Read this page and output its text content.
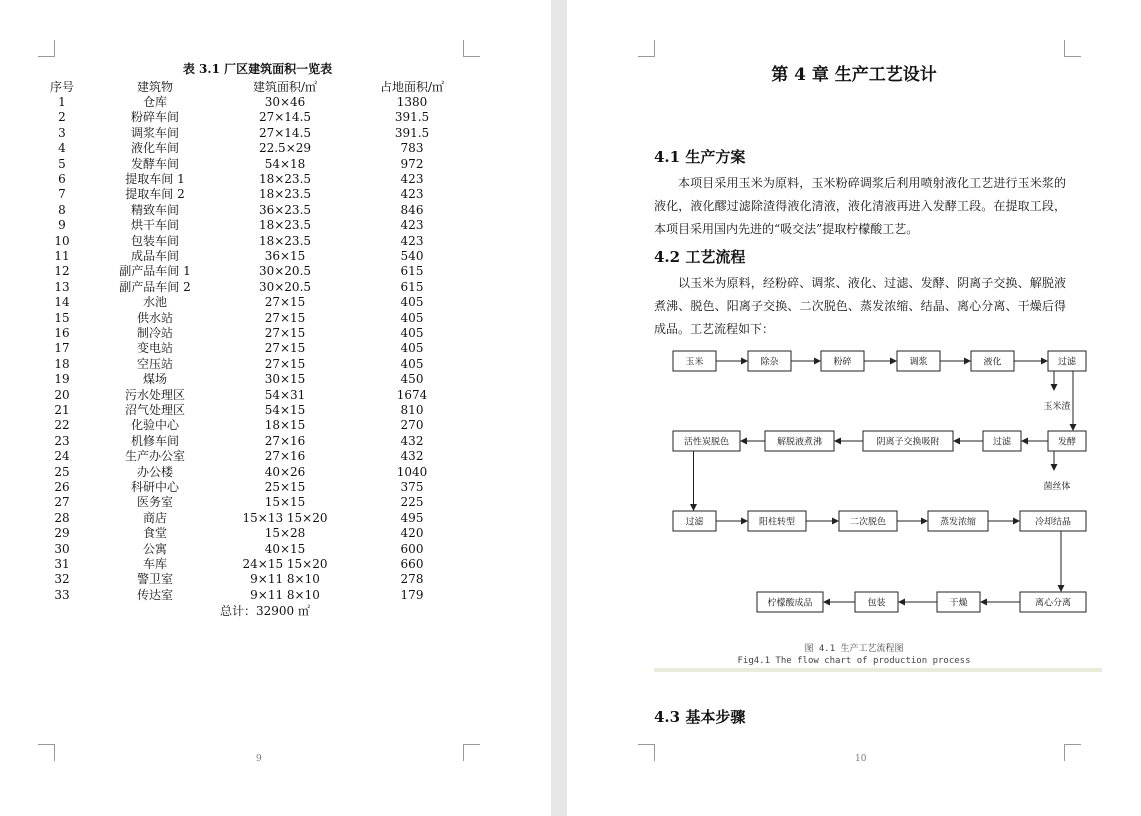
表 3.1 厂区建筑面积一览表
序号	建筑物	建筑面积/㎡	占地面积/㎡
1	仓库	30×46	1380
2	粉碎车间	27×14.5	391.5
3	调浆车间	27×14.5	391.5
4	液化车间	22.5×29	783
5	发酵车间	54×18	972
6	提取车间 1	18×23.5	423
7	提取车间 2	18×23.5	423
8	精致车间	36×23.5	846
9	烘干车间	18×23.5	423
10	包装车间	18×23.5	423
11	成品车间	36×15	540
12	副产品车间 1	30×20.5	615
13	副产品车间 2	30×20.5	615
14	水池	27×15	405
15	供水站	27×15	405
16	制冷站	27×15	405
17	变电站	27×15	405
18	空压站	27×15	405
19	煤场	30×15	450
20	污水处理区	54×31	1674
21	沼气处理区	54×15	810
22	化验中心	18×15	270
23	机修车间	27×16	432
24	生产办公室	27×16	432
25	办公楼	40×26	1040
26	科研中心	25×15	375
27	医务室	15×15	225
28	商店	15×13 15×20	495
29	食堂	15×28	420
30	公寓	40×15	600
31	车库	24×15 15×20	660
32	警卫室	9×11 8×10	278
33	传达室	9×11 8×10	179
总计：32900 ㎡
9
第 4 章 生产工艺设计
4.1 生产方案
本项目采用玉米为原料，玉米粉碎调浆后利用喷射液化工艺进行玉米浆的液化，液化醪过滤除渣得液化清液，液化清液再进入发酵工段。在提取工段，本项目采用国内先进的“吸交法”提取柠檬酸工艺。
4.2 工艺流程
以玉米为原料，经粉碎、调浆、液化、过滤、发酵、阴离子交换、解脱液煮沸、脱色、阳离子交换、二次脱色、蒸发浓缩、结晶、离心分离、干燥后得成品。工艺流程如下：
玉米	除杂	粉碎	调浆	液化	过滤
玉米渣
活性炭脱色	解脱液煮沸	阴离子交换吸附	过滤	发酵
菌丝体
过滤	阳柱转型	二次脱色	蒸发浓缩	冷却结晶
柠檬酸成品	包装	干燥	离心分离
图 4.1 生产工艺流程图
Fig4.1 The flow chart of production process
4.3 基本步骤
10
